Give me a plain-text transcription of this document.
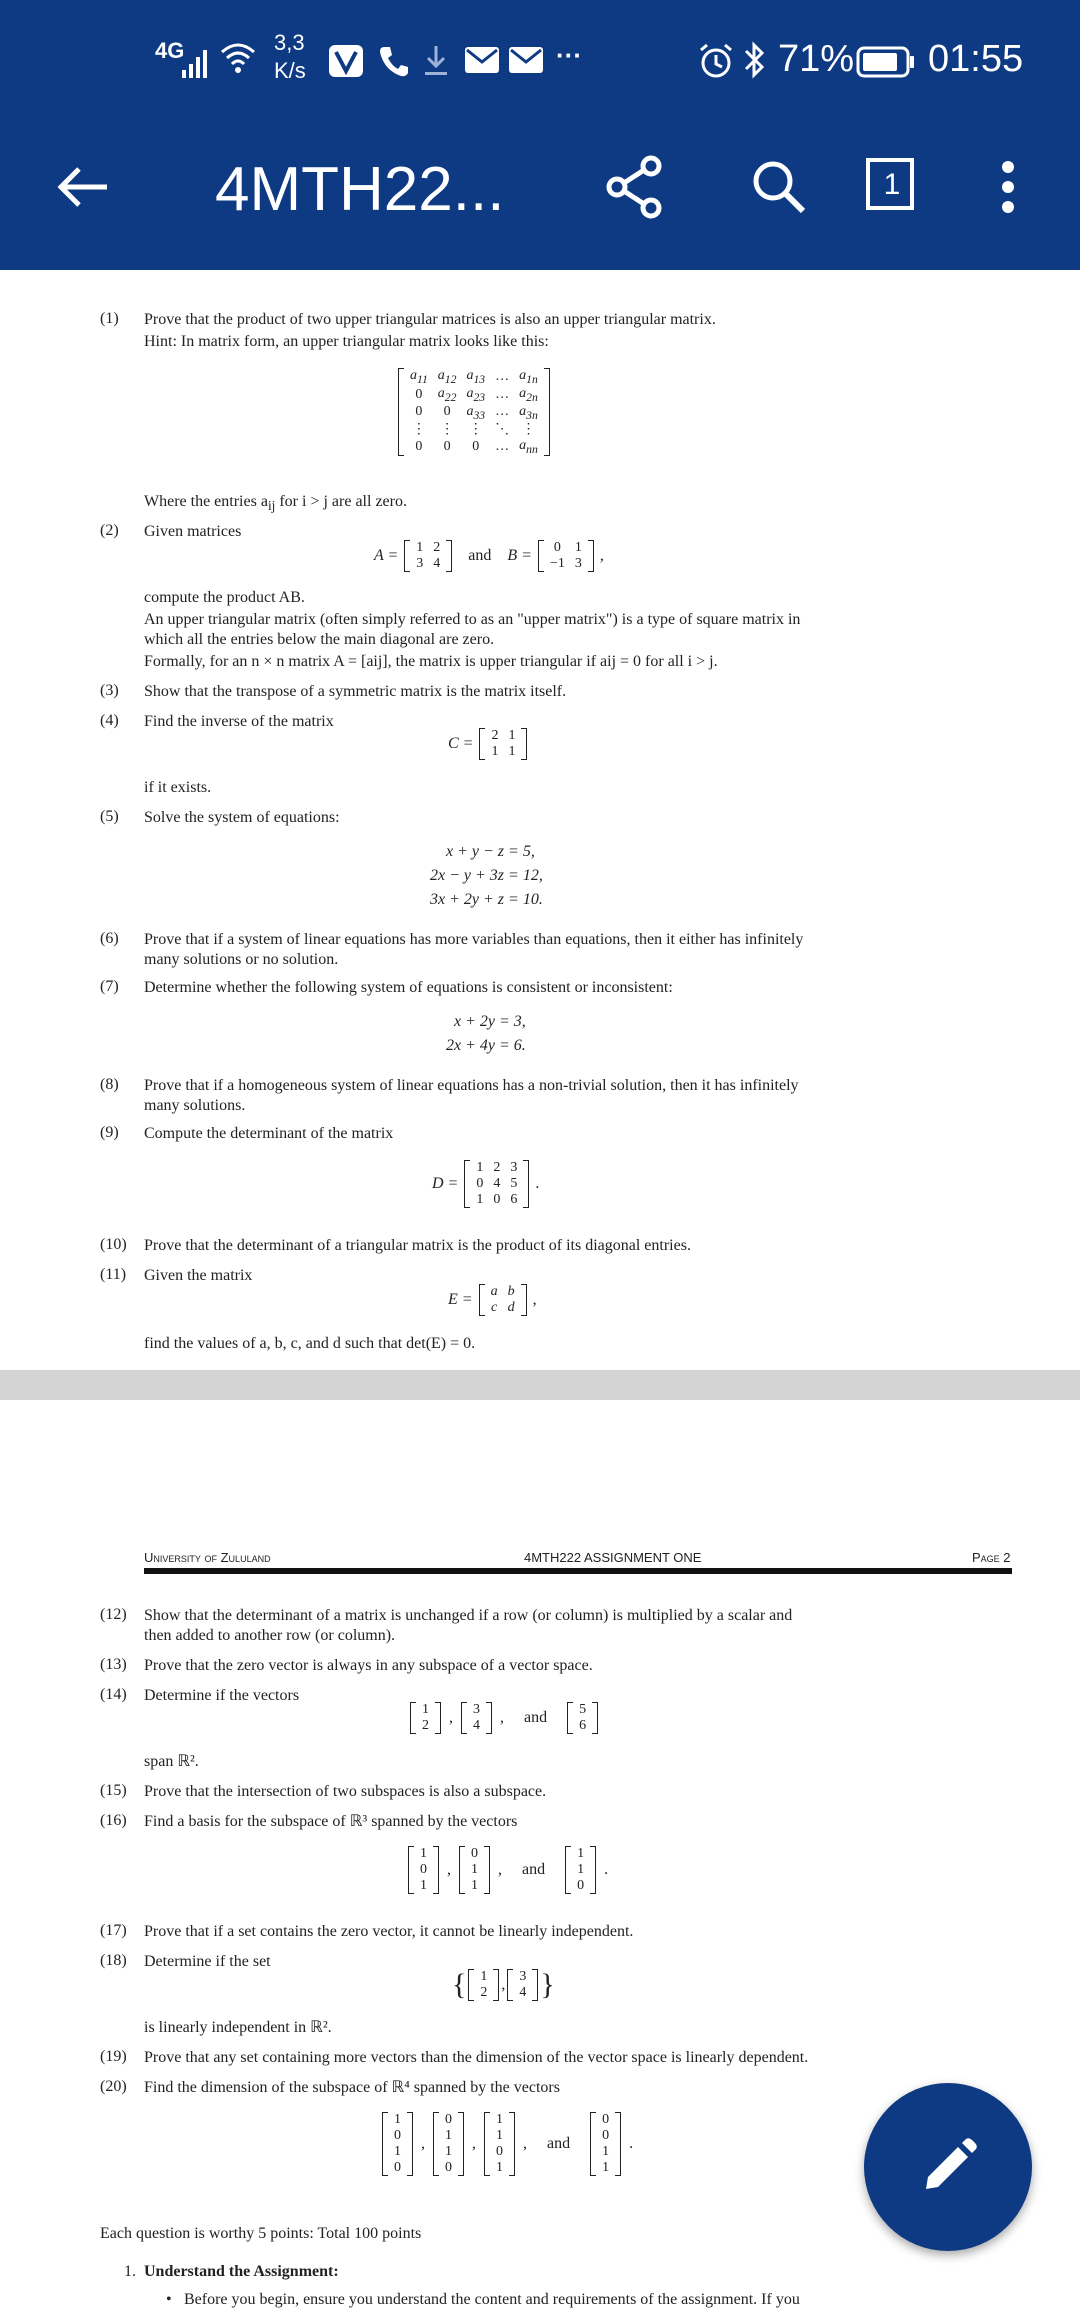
4G	3,3
K/s
···	71% 01:55
4MTH22...	1
(1) Prove that the product of two upper triangular matrices is also an upper triangular matrix.
Hint: In matrix form, an upper triangular matrix looks like this:
$a_{11}$	$a_{12}$	$a_{13}$	…	$a_{1n}$
0	$a_{22}$	$a_{23}$	…	$a_{2n}$
0	0	$a_{33}$	…	$a_{3n}$
⋮	⋮	⋮	⋱	⋮
0	0	0	…	$a_{nn}$
Where the entries $a_{ij}$ for i > j are all zero.
(2) Given matrices
A = 1	2
3	4 and B = 0	1
−1	3 ,
compute the product AB.
An upper triangular matrix (often simply referred to as an "upper matrix") is a type of square matrix in
which all the entries below the main diagonal are zero.
Formally, for an n × n matrix A = [aij], the matrix is upper triangular if aij = 0 for all i > j.
(3) Show that the transpose of a symmetric matrix is the matrix itself.
(4) Find the inverse of the matrix
C = 2	1
1	1
if it exists.
(5) Solve the system of equations:
x + y − z = 5,
2x − y + 3z = 12,
3x + 2y + z = 10.
(6) Prove that if a system of linear equations has more variables than equations, then it either has infinitely
many solutions or no solution.
(7) Determine whether the following system of equations is consistent or inconsistent:
x + 2y = 3,
2x + 4y = 6.
(8) Prove that if a homogeneous system of linear equations has a non-trivial solution, then it has infinitely
many solutions.
(9) Compute the determinant of the matrix
D =
1	2	3
0	4	5
1	0	6
.
(10) Prove that the determinant of a triangular matrix is the product of its diagonal entries.
(11) Given the matrix
E = a	b
c	d ,
find the values of a, b, c, and d such that det(E) = 0.
University of Zululand	4MTH222 ASSIGNMENT ONE	Page 2
(12) Show that the determinant of a matrix is unchanged if a row (or column) is multiplied by a scalar and
then added to another row (or column).
(13) Prove that the zero vector is always in any subspace of a vector space.
(14) Determine if the vectors
1
2 , 3
4 , and 5
6
span ℝ².
(15) Prove that the intersection of two subspaces is also a subspace.
(16) Find a basis for the subspace of ℝ³ spanned by the vectors
1
0
1
,
0
1
1
, and
1
1
0
.
(17) Prove that if a set contains the zero vector, it cannot be linearly independent.
(18) Determine if the set
{ 1
2 , 3
4 }
is linearly independent in ℝ².
(19) Prove that any set containing more vectors than the dimension of the vector space is linearly dependent.
(20) Find the dimension of the subspace of ℝ⁴ spanned by the vectors
1
0
1
0
,
0
1
1
0
,
1
1
0
1
, and
0
0
1
1
.
Each question is worthy 5 points: Total 100 points
1. Understand the Assignment:
• Before you begin, ensure you understand the content and requirements of the assignment. If you
